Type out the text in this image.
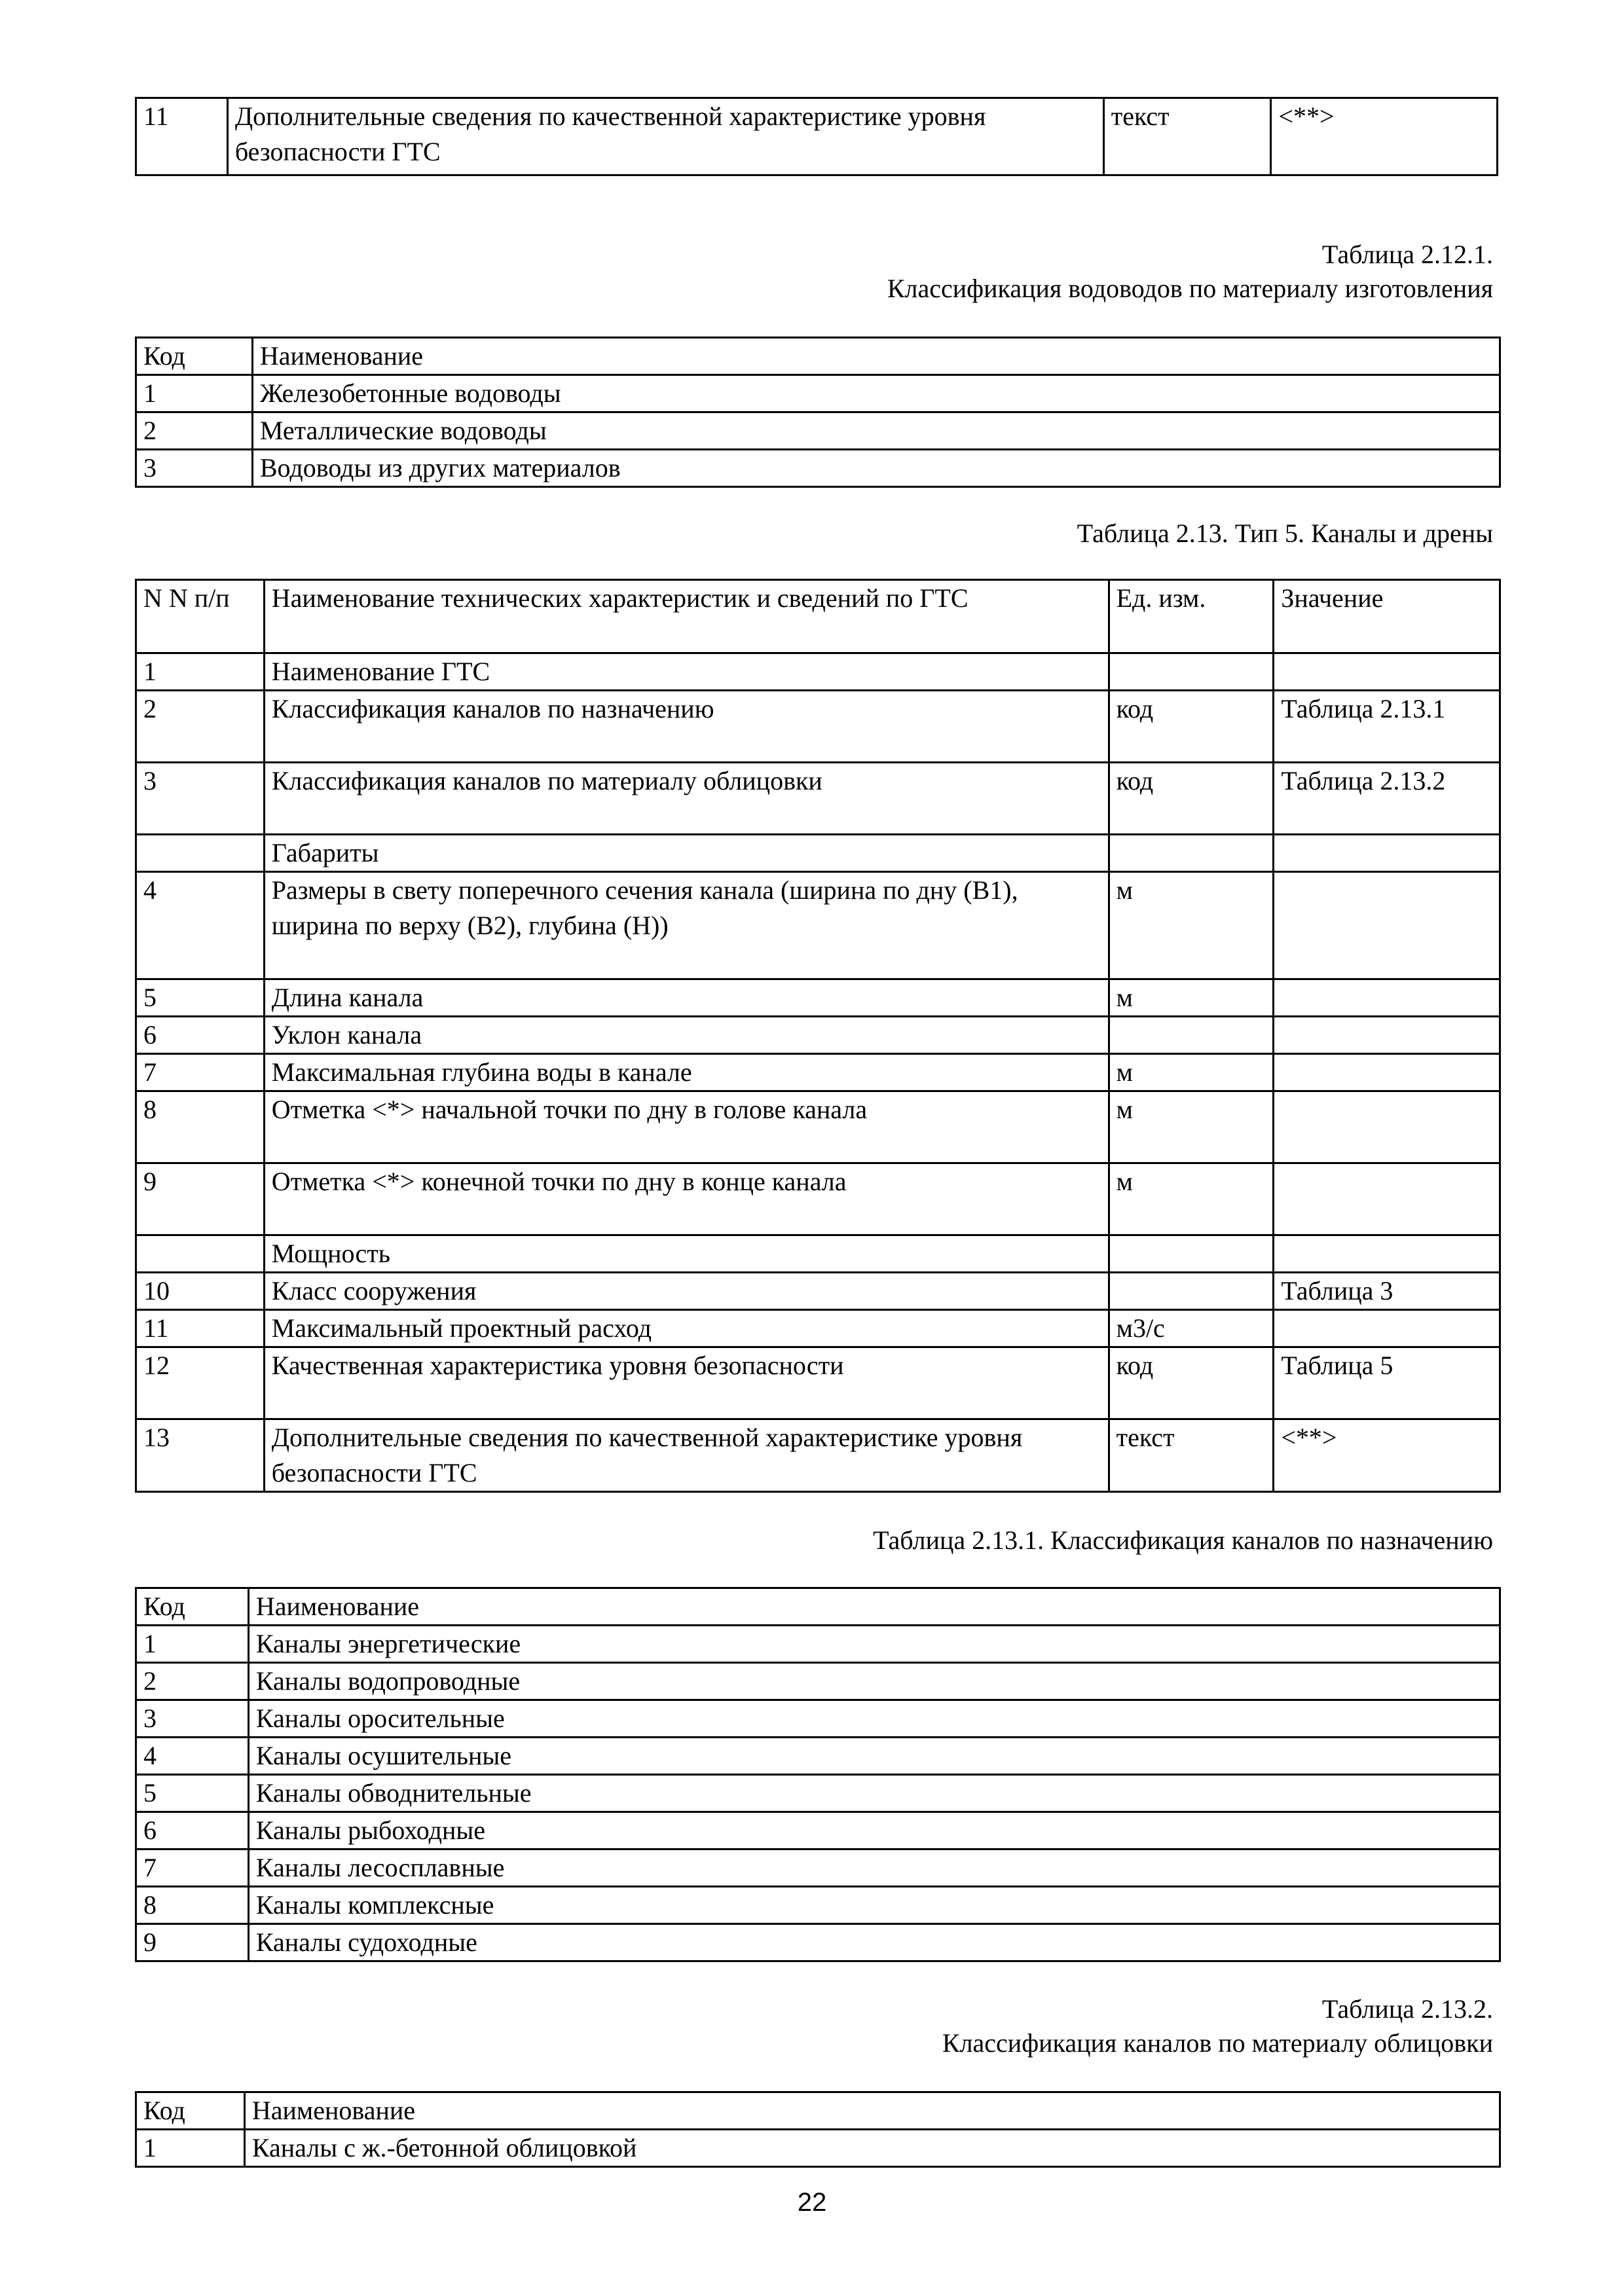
11	Дополнительные сведения по качественной характеристике уровня безопасности ГТС	текст	<**>

Таблица 2.12.1.

Классификация водоводов по материалу изготовления

Код	Наименование
1	Железобетонные водоводы
2	Металлические водоводы
3	Водоводы из других материалов

Таблица 2.13. Тип 5. Каналы и дрены

N N п/п	Наименование технических характеристик и сведений по ГТС	Ед. изм.	Значение
1	Наименование ГТС		
2	Классификация каналов по назначению	код	Таблица 2.13.1
3	Классификация каналов по материалу облицовки	код	Таблица 2.13.2
	Габариты		
4	Размеры в свету поперечного сечения канала (ширина по дну (B1), ширина по верху (B2), глубина (H))	м	
5	Длина канала	м	
6	Уклон канала		
7	Максимальная глубина воды в канале	м	
8	Отметка <*> начальной точки по дну в голове канала	м	
9	Отметка <*> конечной точки по дну в конце канала	м	
	Мощность		
10	Класс сооружения		Таблица 3
11	Максимальный проектный расход	м3/с	
12	Качественная характеристика уровня безопасности	код	Таблица 5
13	Дополнительные сведения по качественной характеристике уровня безопасности ГТС	текст	<**>

Таблица 2.13.1. Классификация каналов по назначению

Код	Наименование
1	Каналы энергетические
2	Каналы водопроводные
3	Каналы оросительные
4	Каналы осушительные
5	Каналы обводнительные
6	Каналы рыбоходные
7	Каналы лесосплавные
8	Каналы комплексные
9	Каналы судоходные

Таблица 2.13.2.

Классификация каналов по материалу облицовки

Код	Наименование
1	Каналы с ж.-бетонной облицовкой
22
